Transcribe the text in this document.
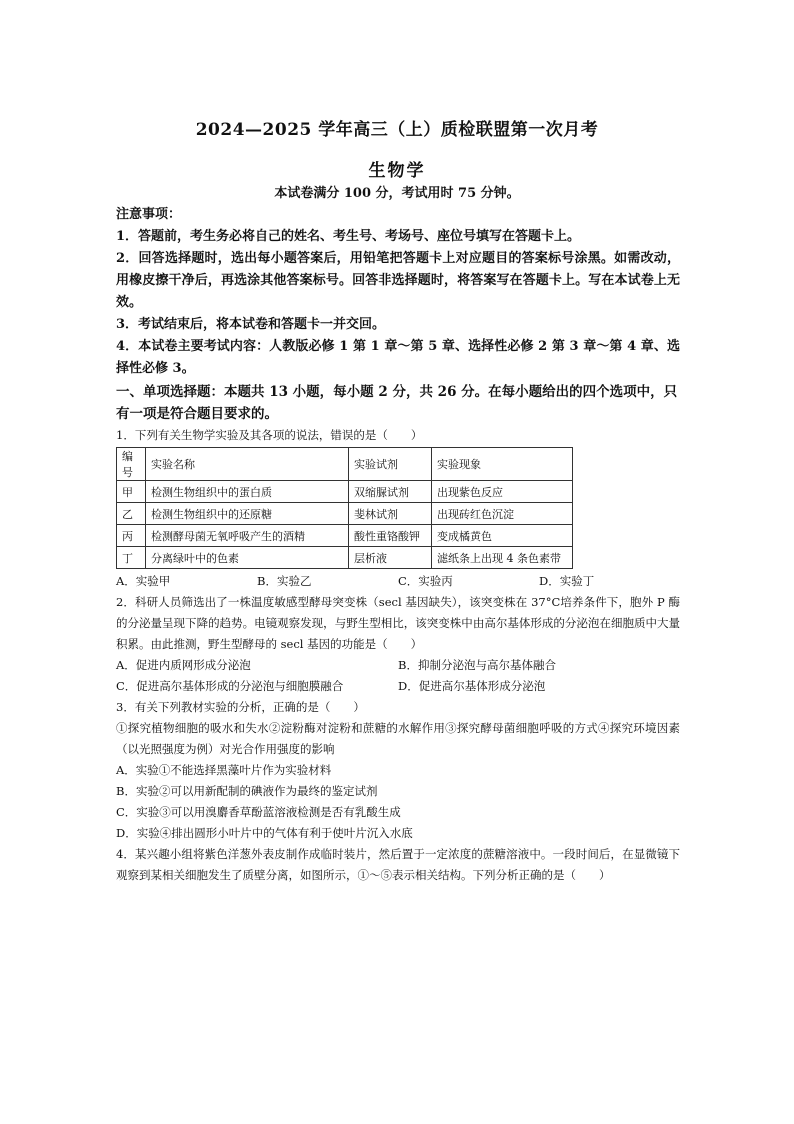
2024—2025 学年高三（上）质检联盟第一次月考
生物学
本试卷满分 100 分，考试用时 75 分钟。
注意事项：
1．答题前，考生务必将自己的姓名、考生号、考场号、座位号填写在答题卡上。
2．回答选择题时，选出每小题答案后，用铅笔把答题卡上对应题目的答案标号涂黑。如需改动，用橡皮擦干净后，再选涂其他答案标号。回答非选择题时，将答案写在答题卡上。写在本试卷上无效。
3．考试结束后，将本试卷和答题卡一并交回。
4．本试卷主要考试内容：人教版必修 1 第 1 章～第 5 章、选择性必修 2 第 3 章～第 4 章、选择性必修 3。
一、单项选择题：本题共 13 小题，每小题 2 分，共 26 分。在每小题给出的四个选项中，只有一项是符合题目要求的。
1．下列有关生物学实验及其各项的说法，错误的是（　　）
编号	实验名称	实验试剂	实验现象
甲	检测生物组织中的蛋白质	双缩脲试剂	出现紫色反应
乙	检测生物组织中的还原糖	斐林试剂	出现砖红色沉淀
丙	检测酵母菌无氧呼吸产生的酒精	酸性重铬酸钾	变成橘黄色
丁	分离绿叶中的色素	层析液	滤纸条上出现 4 条色素带
A．实验甲	B．实验乙	C．实验丙	D．实验丁
2．科研人员筛选出了一株温度敏感型酵母突变株（secl 基因缺失），该突变株在 37°C培养条件下，胞外 P 酶的分泌量呈现下降的趋势。电镜观察发现，与野生型相比，该突变株中由高尔基体形成的分泌泡在细胞质中大量积累。由此推测，野生型酵母的 secl 基因的功能是（　　）
A．促进内质网形成分泌泡	B．抑制分泌泡与高尔基体融合
C．促进高尔基体形成的分泌泡与细胞膜融合	D．促进高尔基体形成分泌泡
3．有关下列教材实验的分析，正确的是（　　）
①探究植物细胞的吸水和失水②淀粉酶对淀粉和蔗糖的水解作用③探究酵母菌细胞呼吸的方式④探究环境因素（以光照强度为例）对光合作用强度的影响
A．实验①不能选择黑藻叶片作为实验材料
B．实验②可以用新配制的碘液作为最终的鉴定试剂
C．实验③可以用溴麝香草酚蓝溶液检测是否有乳酸生成
D．实验④排出圆形小叶片中的气体有利于使叶片沉入水底
4．某兴趣小组将紫色洋葱外表皮制作成临时装片，然后置于一定浓度的蔗糖溶液中。一段时间后，在显微镜下观察到某相关细胞发生了质壁分离，如图所示，①～⑤表示相关结构。下列分析正确的是（　　）
